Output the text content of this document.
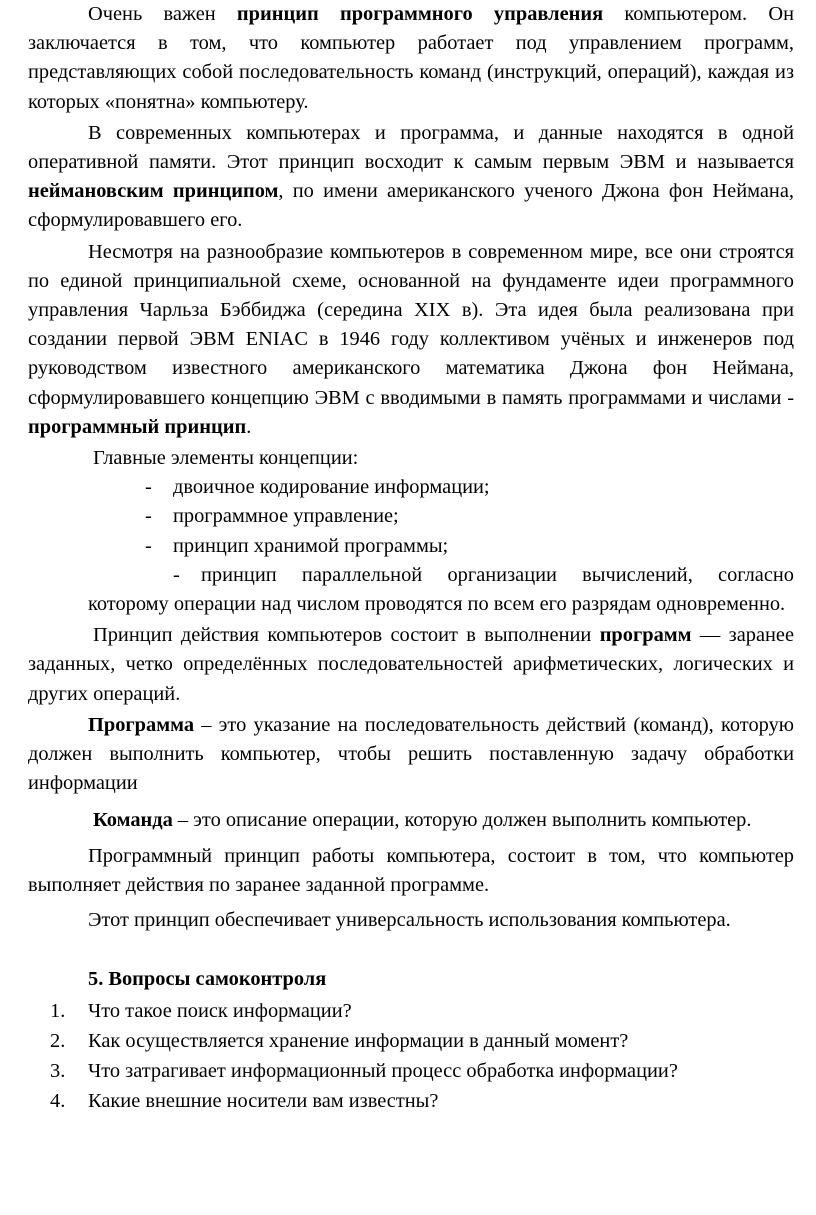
Очень важен принцип программного управления компьютером. Он заключается в том, что компьютер работает под управлением программ, представляющих собой последовательность команд (инструкций, операций), каждая из которых «понятна» компьютеру.

В современных компьютерах и программа, и данные находятся в одной оперативной памяти. Этот принцип восходит к самым первым ЭВМ и называется неймановским принципом, по имени американского ученого Джона фон Неймана, сформулировавшего его.

Несмотря на разнообразие компьютеров в современном мире, все они строятся по единой принципиальной схеме, основанной на фундаменте идеи программного управления Чарльза Бэббиджа (середина XIX в). Эта идея была реализована при создании первой ЭВМ ENIAC в 1946 году коллективом учёных и инженеров под руководством известного американского математика Джона фон Неймана, сформулировавшего концепцию ЭВМ с вводимыми в память программами и числами - программный принцип.

Главные элементы концепции:

- двоичное кодирование информации;
- программное управление;
- принцип хранимой программы;
- принцип параллельной организации вычислений, согласно которому операции над числом проводятся по всем его разрядам одновременно.

Принцип действия компьютеров состоит в выполнении программ — заранее заданных, четко определённых последовательностей арифметических, логических и других операций.

Программа – это указание на последовательность действий (команд), которую должен выполнить компьютер, чтобы решить поставленную задачу обработки информации

Команда – это описание операции, которую должен выполнить компьютер.

Программный принцип работы компьютера, состоит в том, что компьютер выполняет действия по заранее заданной программе.

Этот принцип обеспечивает универсальность использования компьютера.

5. Вопросы самоконтроля
1. Что такое поиск информации?
2. Как осуществляется хранение информации в данный момент?
3. Что затрагивает информационный процесс обработка информации?
4. Какие внешние носители вам известны?
